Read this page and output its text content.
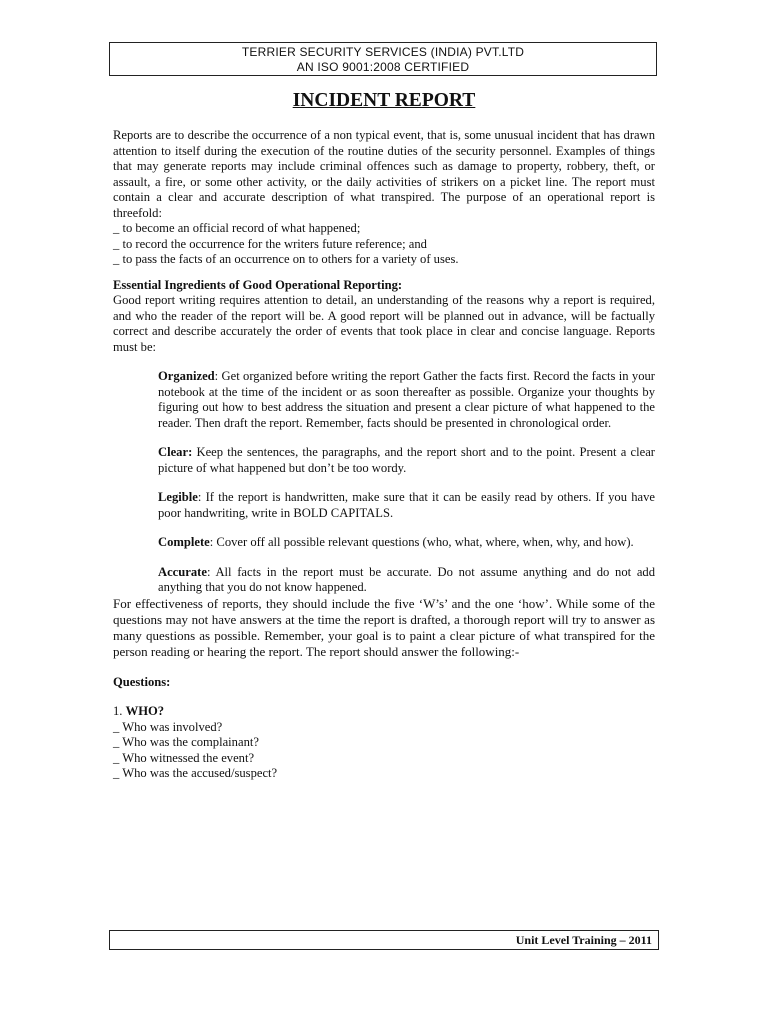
TERRIER SECURITY SERVICES (INDIA) PVT.LTD
AN ISO 9001:2008 CERTIFIED
INCIDENT REPORT

Reports are to describe the occurrence of a non typical event, that is, some unusual incident that has drawn attention to itself during the execution of the routine duties of the security personnel. Examples of things that may generate reports may include criminal offences such as damage to property, robbery, theft, or assault, a fire, or some other activity, or the daily activities of strikers on a picket line. The report must contain a clear and accurate description of what transpired. The purpose of an operational report is threefold:

_ to become an official record of what happened;
_ to record the occurrence for the writers future reference; and
_ to pass the facts of an occurrence on to others for a variety of uses.
Essential Ingredients of Good Operational Reporting:

Good report writing requires attention to detail, an understanding of the reasons why a report is required, and who the reader of the report will be. A good report will be planned out in advance, will be factually correct and describe accurately the order of events that took place in clear and concise language. Reports must be:

Organized: Get organized before writing the report Gather the facts first. Record the facts in your notebook at the time of the incident or as soon thereafter as possible. Organize your thoughts by figuring out how to best address the situation and present a clear picture of what happened to the reader. Then draft the report. Remember, facts should be presented in chronological order.
Clear: Keep the sentences, the paragraphs, and the report short and to the point. Present a clear picture of what happened but don’t be too wordy.
Legible: If the report is handwritten, make sure that it can be easily read by others. If you have poor handwriting, write in BOLD CAPITALS.
Complete: Cover off all possible relevant questions (who, what, where, when, why, and how).
Accurate: All facts in the report must be accurate. Do not assume anything and do not add anything that you do not know happened.

For effectiveness of reports, they should include the five ‘W’s’ and the one ‘how’. While some of the questions may not have answers at the time the report is drafted, a thorough report will try to answer as many questions as possible. Remember, your goal is to paint a clear picture of what transpired for the person reading or hearing the report. The report should answer the following:-

Questions:
1. WHO?
_ Who was involved?
_ Who was the complainant?
_ Who witnessed the event?
_ Who was the accused/suspect?
Unit Level Training – 2011
